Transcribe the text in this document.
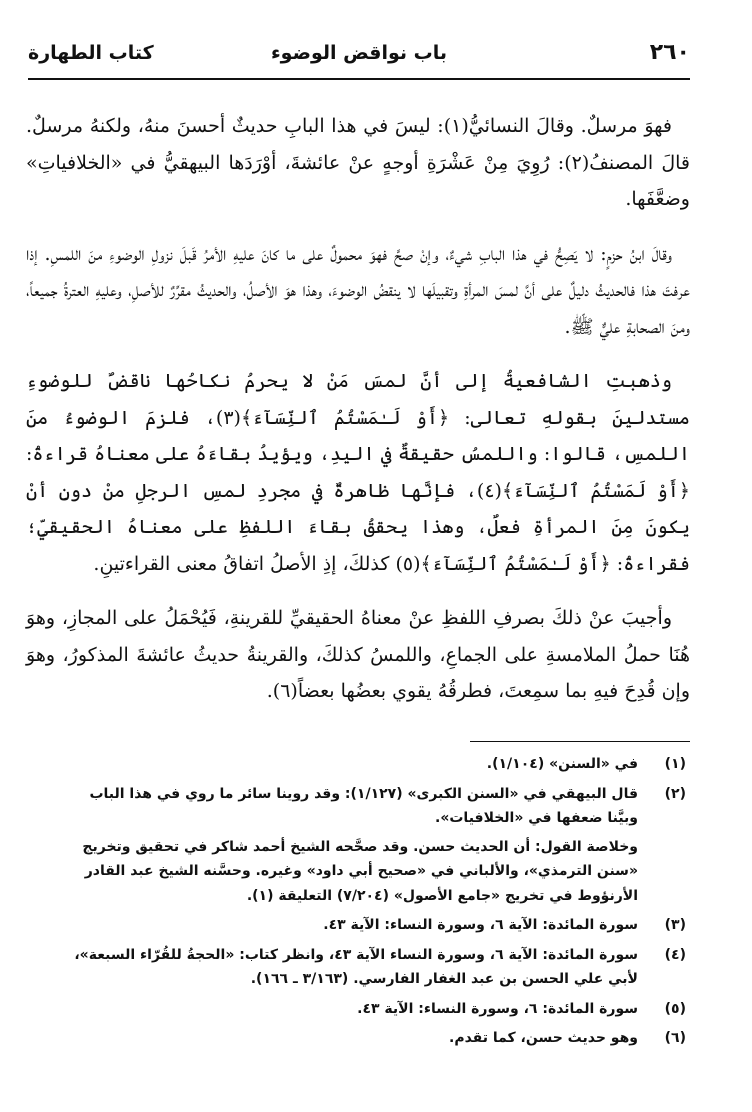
٢٦٠
باب نواقض الوضوء
كتاب الطهارة

فهوَ مرسلٌ. وقالَ النسائيُّ(١): ليسَ في هذا البابِ حديثٌ أحسنَ منهُ، ولكنهُ مرسلٌ. قالَ المصنفُ(٢): رُوِيَ مِنْ عَشْرَةِ أوجهٍ عنْ عائشةَ، أوْرَدَها البيهقيُّ في «الخلافياتِ» وضعَّفَها.

وقالَ ابنُ حزمٍ: لا يَصِحُّ في هذا البابِ شيءٌ، وإنْ صحَّ فهوَ محمولٌ على ما كانَ عليهِ الأمرُ قَبلَ نزولِ الوضوءِ منَ اللمسِ. إذا عرفتَ هذا فالحديثُ دليلٌ على أنَّ لمسَ المرأةِ وتقبيلَها لا ينقضُ الوضوءَ، وهذا هوَ الأصلُ، والحديثُ مقرِّرٌ للأصلِ، وعليهِ العترةُ جميعاً، ومنَ الصحابةِ عليٌّ ﷺ.

وذهبتِ الشافعيةُ إلى أنَّ لمسَ مَنْ لا يحرمُ نكاحُها ناقضٌ للوضوءِ مستدلينَ بقولهِ تعالى: ﴿أَوْ لَـٰمَسْتُمُ ٱلنِّسَآءَ﴾(٣)، فلزمَ الوضوءُ منَ اللمسِ، قالوا: واللمسُ حقيقةٌ في اليدِ، ويؤيدُ بقاءَهُ على معناهُ قراءةُ: ﴿أَوْ لَمَسْتُمُ ٱلنِّسَآءَ﴾(٤)، فإنَّها ظاهرةٌ في مجردِ لمسِ الرجلِ منْ دونِ أنْ يكونَ مِنَ المرأةِ فعلٌ، وهذا يحققُ بقاءَ اللفظِ على معناهُ الحقيقيِّ؛ فقراءةُ: ﴿أَوْ لَـٰمَسْتُمُ ٱلنِّسَآءَ﴾(٥) كذلكَ، إذِ الأصلُ اتفاقُ معنى القراءتينِ.

وأجيبَ عنْ ذلكَ بصرفِ اللفظِ عنْ معناهُ الحقيقيِّ للقرينةِ، فَيُحْمَلُ على المجازِ، وهوَ هُنَا حملُ الملامسةِ على الجماعِ، واللمسُ كذلكَ، والقرينةُ حديثُ عائشةَ المذكورُ، وهوَ وإن قُدِحَ فيهِ بما سمِعتَ، فطرقُهُ يقوي بعضُها بعضاً(٦).

(١)
في «السنن» (١/١٠٤).
(٢)
قال البيهقي في «السنن الكبرى» (١/١٢٧): وقد روينا سائر ما روي في هذا الباب وبيَّنا ضعفها في «الخلافيات».
وخلاصة القول: أن الحديث حسن. وقد صحَّحه الشيخ أحمد شاكر في تحقيق وتخريج «سنن الترمذي»، والألباني في «صحيح أبي داود» وغيره. وحسَّنه الشيخ عبد القادر الأرنؤوط في تخريج «جامع الأصول» (٧/٢٠٤) التعليقة (١).
(٣)
سورة المائدة: الآية ٦، وسورة النساء: الآية ٤٣.
(٤)
سورة المائدة: الآية ٦، وسورة النساء الآية ٤٣، وانظر كتاب: «الحجةُ للقُرّاء السبعة»، لأبي علي الحسن بن عبد الغفار الفارسي. (٣/١٦٣ ـ ١٦٦).
(٥)
سورة المائدة: ٦، وسورة النساء: الآية ٤٣.
(٦)
وهو حديث حسن، كما تقدم.
